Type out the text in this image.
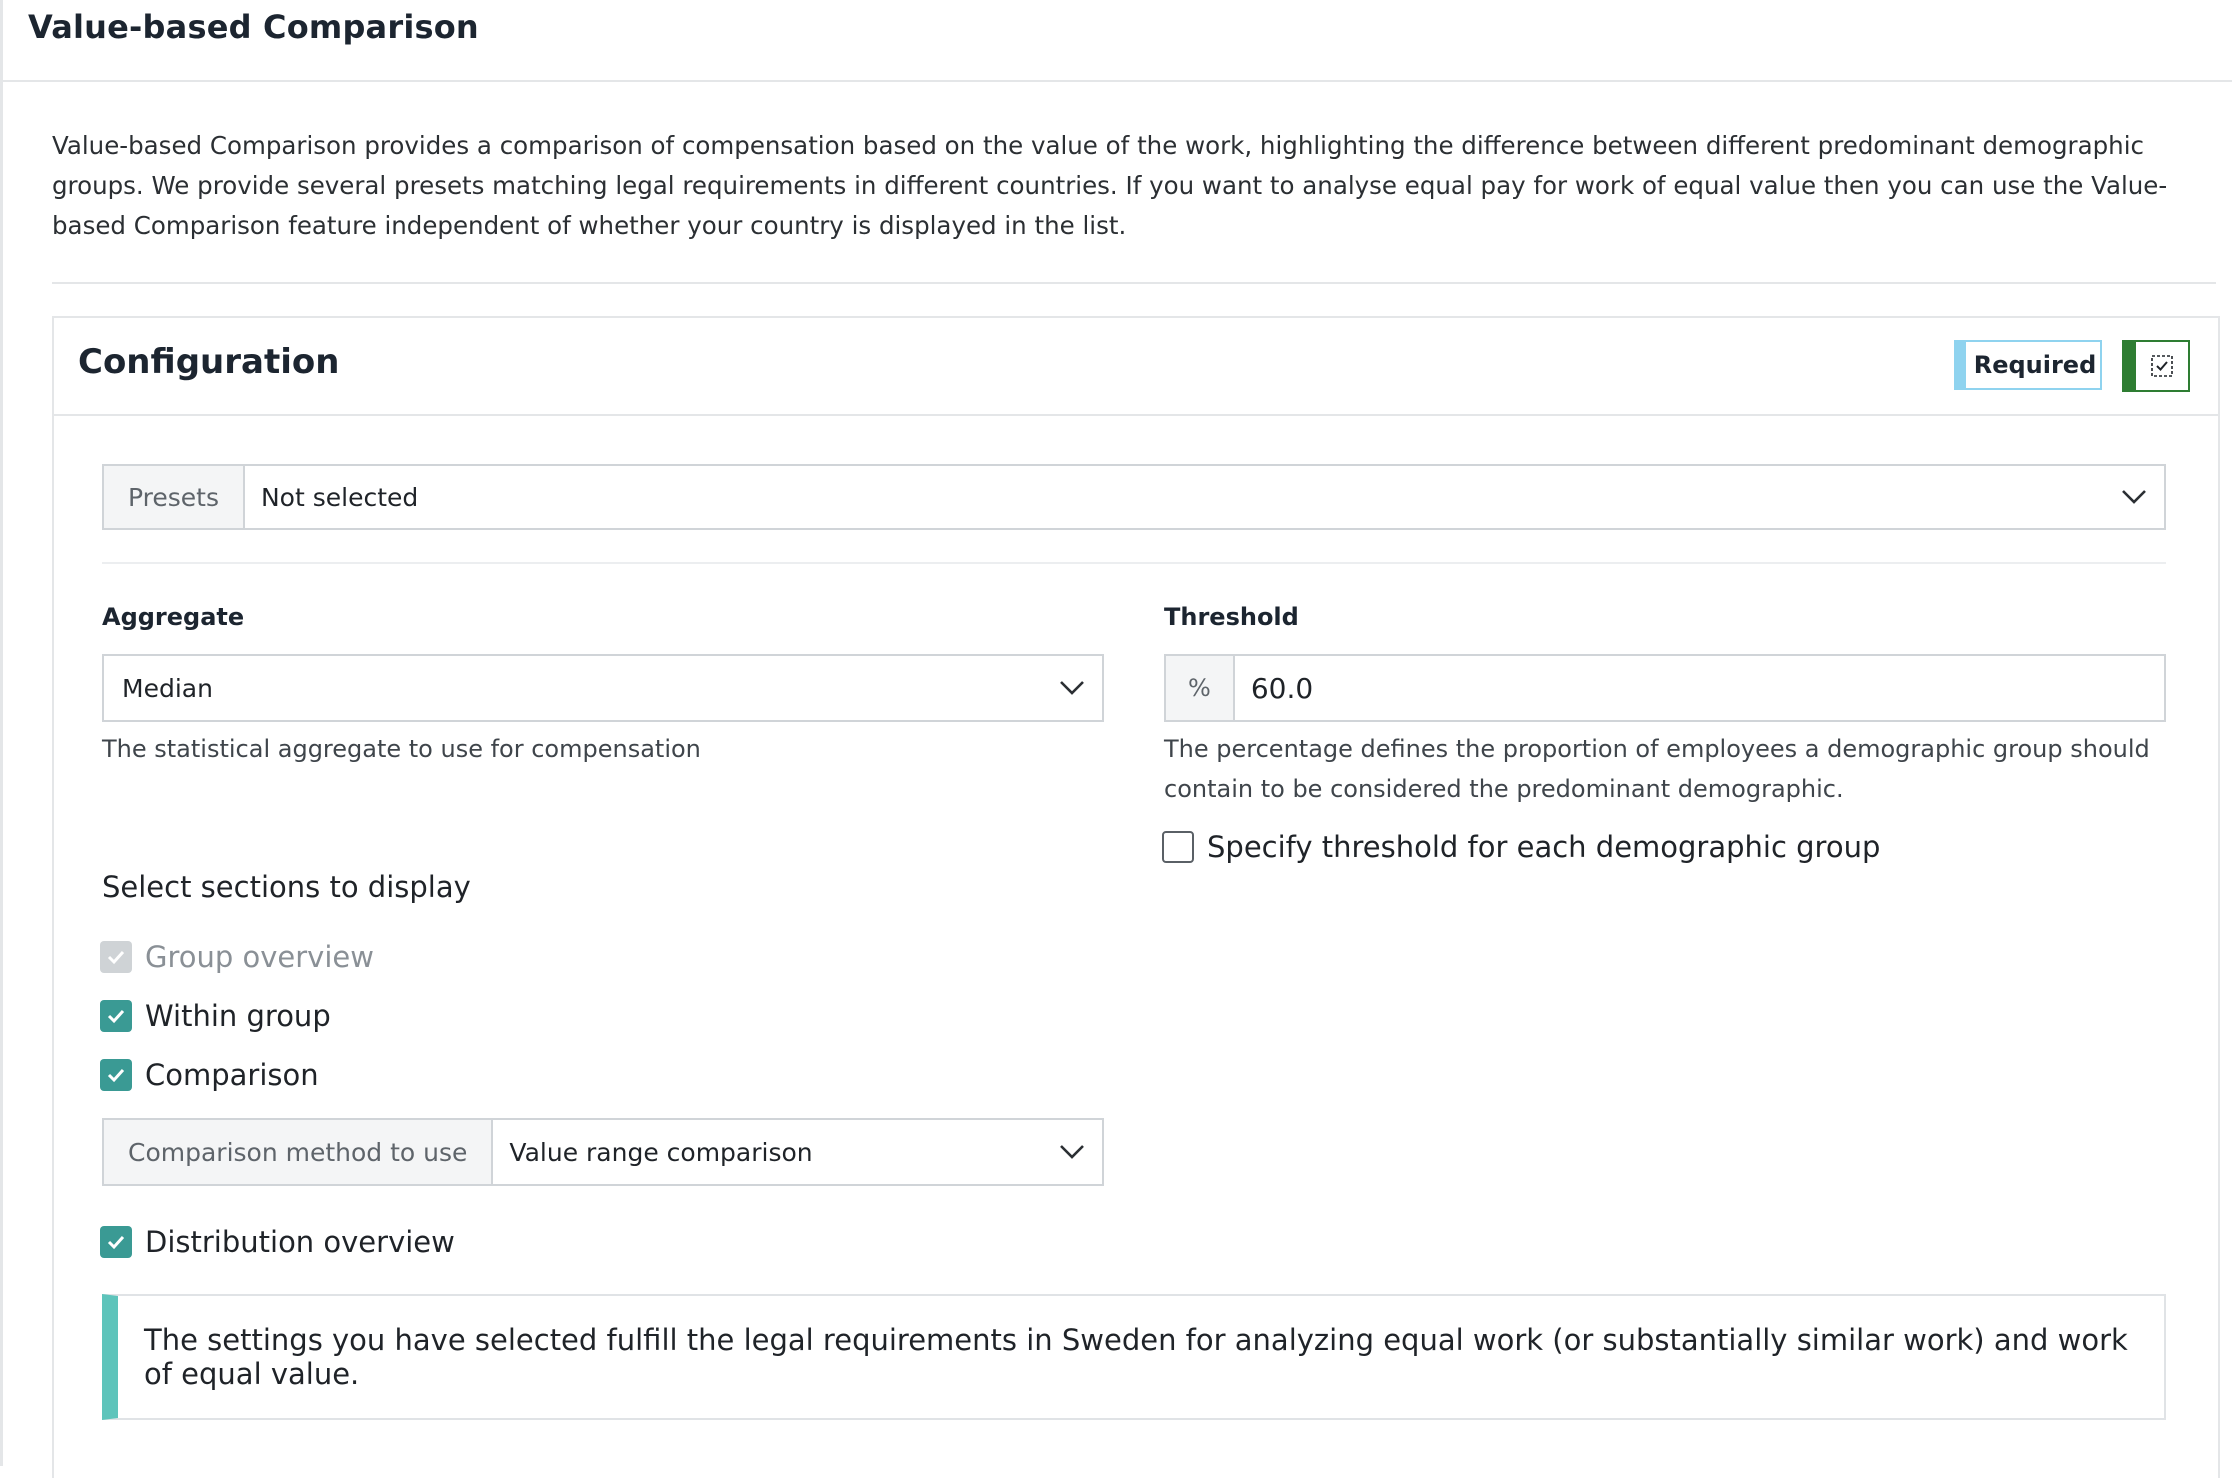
Value-based Comparison
Value-based Comparison provides a comparison of compensation based on the value of the work, highlighting the difference between different predominant demographic groups. We provide several presets matching legal requirements in different countries. If you want to analyse equal pay for work of equal value then you can use the Value-based Comparison feature independent of whether your country is displayed in the list.
Configuration	Required
Presets	Not selected
Aggregate
Median
The statistical aggregate to use for compensation
Threshold
%	60.0
The percentage defines the proportion of employees a demographic group should contain to be considered the predominant demographic.
Specify threshold for each demographic group
Select sections to display
Group overview
Within group
Comparison
Comparison method to use	Value range comparison
Distribution overview
The settings you have selected fulfill the legal requirements in Sweden for analyzing equal work (or substantially similar work) and work of equal value.
